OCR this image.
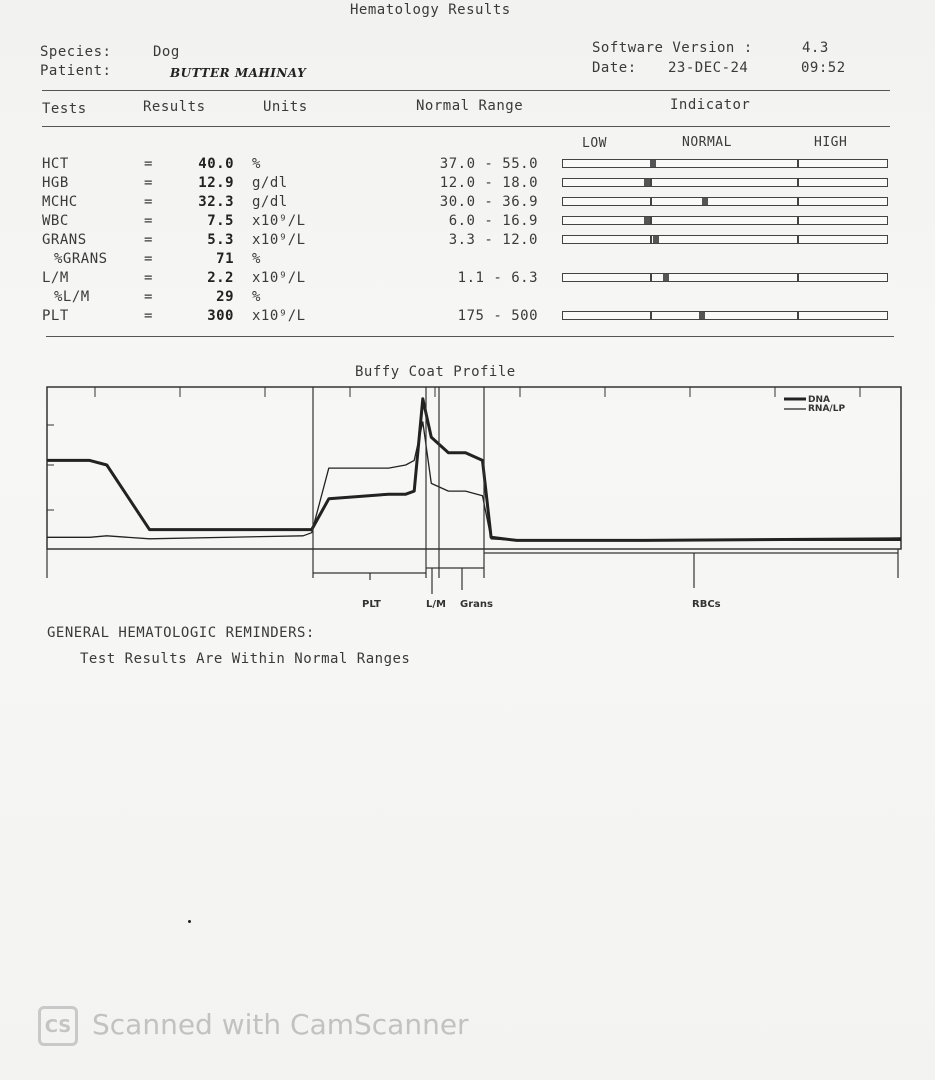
Hematology Results
Species:	Dog
Patient:	BUTTER MAHINAY
Software Version :	4.3
Date: 23-DEC-24	09:52
Tests	Results	Units	Normal Range	Indicator
LOW	NORMAL	HIGH
HCT	=	40.0 %	37.0 - 55.0
HGB	=	12.9 g/dl	12.0 - 18.0
MCHC	=	32.3 g/dl	30.0 - 36.9
WBC	=	7.5 x10⁹/L	6.0 - 16.9
GRANS	=	5.3 x10⁹/L	3.3 - 12.0
%GRANS	=	71 %
L/M	=	2.2 x10⁹/L	1.1 - 6.3
%L/M	=	29 %
PLT	=	300 x10⁹/L	175 - 500
Buffy Coat Profile
PLT	L/M Grans	RBCs
DNA
RNA/LP
GENERAL HEMATOLOGIC REMINDERS:
Test Results Are Within Normal Ranges
CS Scanned with CamScanner
